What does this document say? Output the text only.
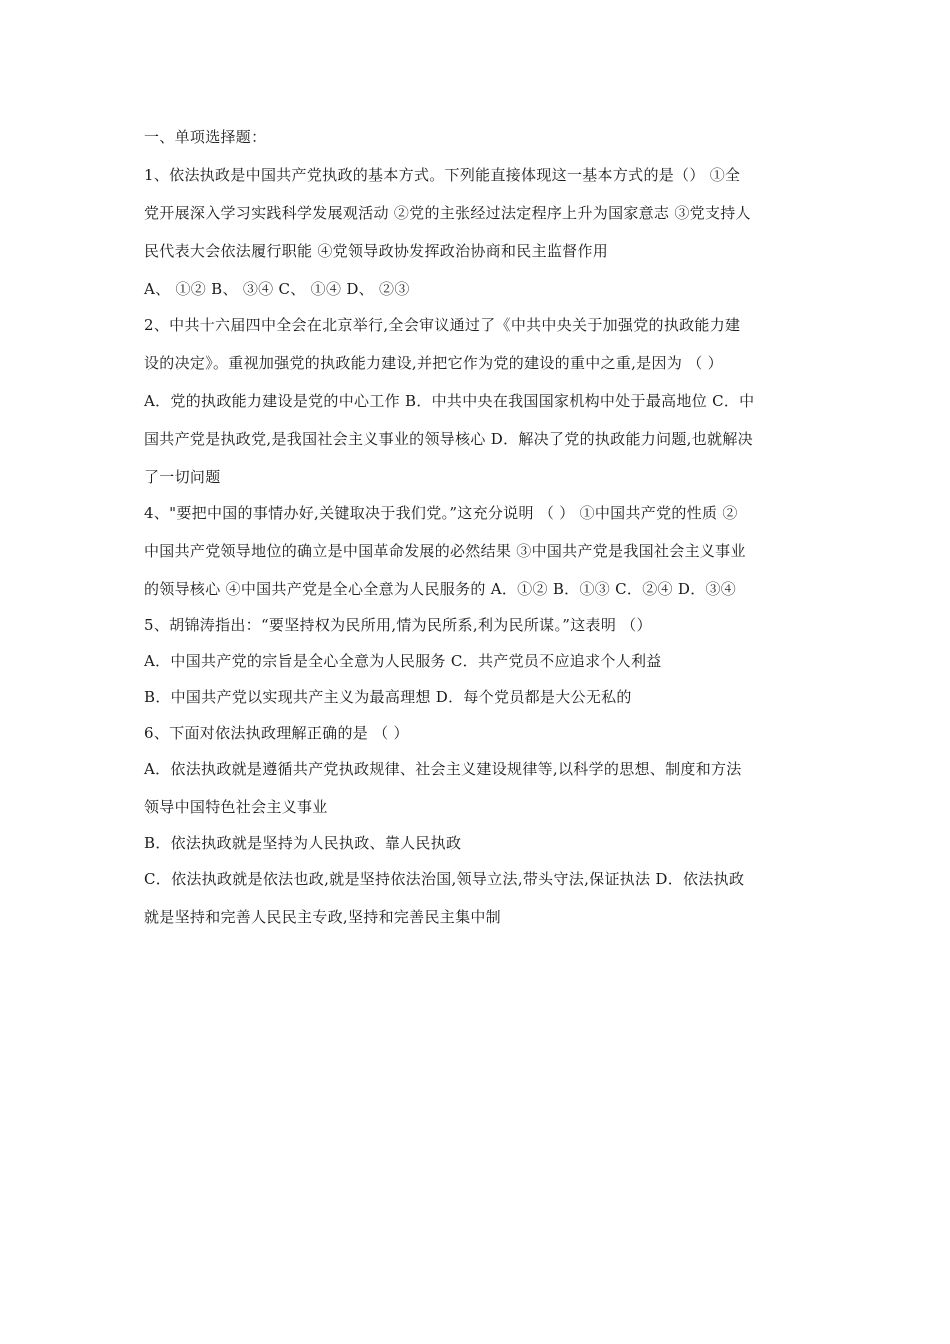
一、单项选择题：
1、依法执政是中国共产党执政的基本方式。下列能直接体现这一基本方式的是（） ①全
党开展深入学习实践科学发展观活动 ②党的主张经过法定程序上升为国家意志 ③党支持人
民代表大会依法履行职能 ④党领导政协发挥政治协商和民主监督作用
A、 ①② B、 ③④ C、 ①④ D、 ②③
2、中共十六届四中全会在北京举行,全会审议通过了《中共中央关于加强党的执政能力建
设的决定》。重视加强党的执政能力建设,并把它作为党的建设的重中之重,是因为 （ ）
A．党的执政能力建设是党的中心工作 B．中共中央在我国国家机构中处于最高地位 C．中
国共产党是执政党,是我国社会主义事业的领导核心 D．解决了党的执政能力问题,也就解决
了一切问题
4、"要把中国的事情办好,关键取决于我们党。”这充分说明 （ ） ①中国共产党的性质 ②
中国共产党领导地位的确立是中国革命发展的必然结果 ③中国共产党是我国社会主义事业
的领导核心 ④中国共产党是全心全意为人民服务的 A．①② B．①③ C．②④ D．③④
5、胡锦涛指出：“要坚持权为民所用,情为民所系,利为民所谋。”这表明 （）
A．中国共产党的宗旨是全心全意为人民服务 C．共产党员不应追求个人利益
B．中国共产党以实现共产主义为最高理想 D．每个党员都是大公无私的
6、下面对依法执政理解正确的是 （ ）
A．依法执政就是遵循共产党执政规律、社会主义建设规律等,以科学的思想、制度和方法
领导中国特色社会主义事业
B．依法执政就是坚持为人民执政、靠人民执政
C．依法执政就是依法也政,就是坚持依法治国,领导立法,带头守法,保证执法 D．依法执政
就是坚持和完善人民民主专政,坚持和完善民主集中制
